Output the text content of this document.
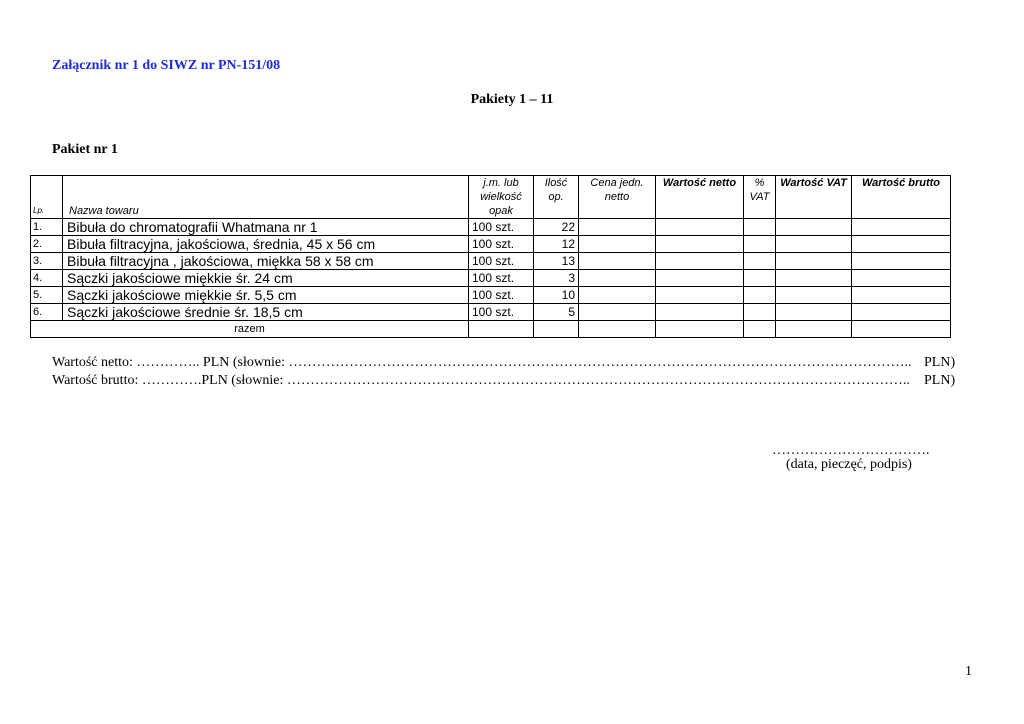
Załącznik nr 1 do SIWZ nr PN-151/08
Pakiety 1 – 11
Pakiet nr 1
Lp.	Nazwa towaru	j.m. lub wielkość opak	Ilość op.	Cena jedn. netto	Wartość netto	% VAT	Wartość VAT	Wartość brutto
1.	Bibuła do chromatografii Whatmana nr 1	100 szt.	22					
2.	Bibuła filtracyjna, jakościowa, średnia, 45 x 56 cm	100 szt.	12					
3.	Bibuła filtracyjna , jakościowa, miękka 58 x 58 cm	100 szt.	13					
4.	Sączki jakościowe miękkie śr. 24 cm	100 szt.	3					
5.	Sączki jakościowe miękkie śr. 5,5 cm	100 szt.	10					
6.	Sączki jakościowe średnie śr. 18,5 cm	100 szt.	5					
razem								
Wartość netto: ………….. PLN (słownie: …………………………………………………………………………………………………………………….. PLN)
Wartość brutto: ………….PLN (słownie: …………………………………………………………………………………………………………………….. PLN)
…………………………….
(data, pieczęć, podpis)
1
